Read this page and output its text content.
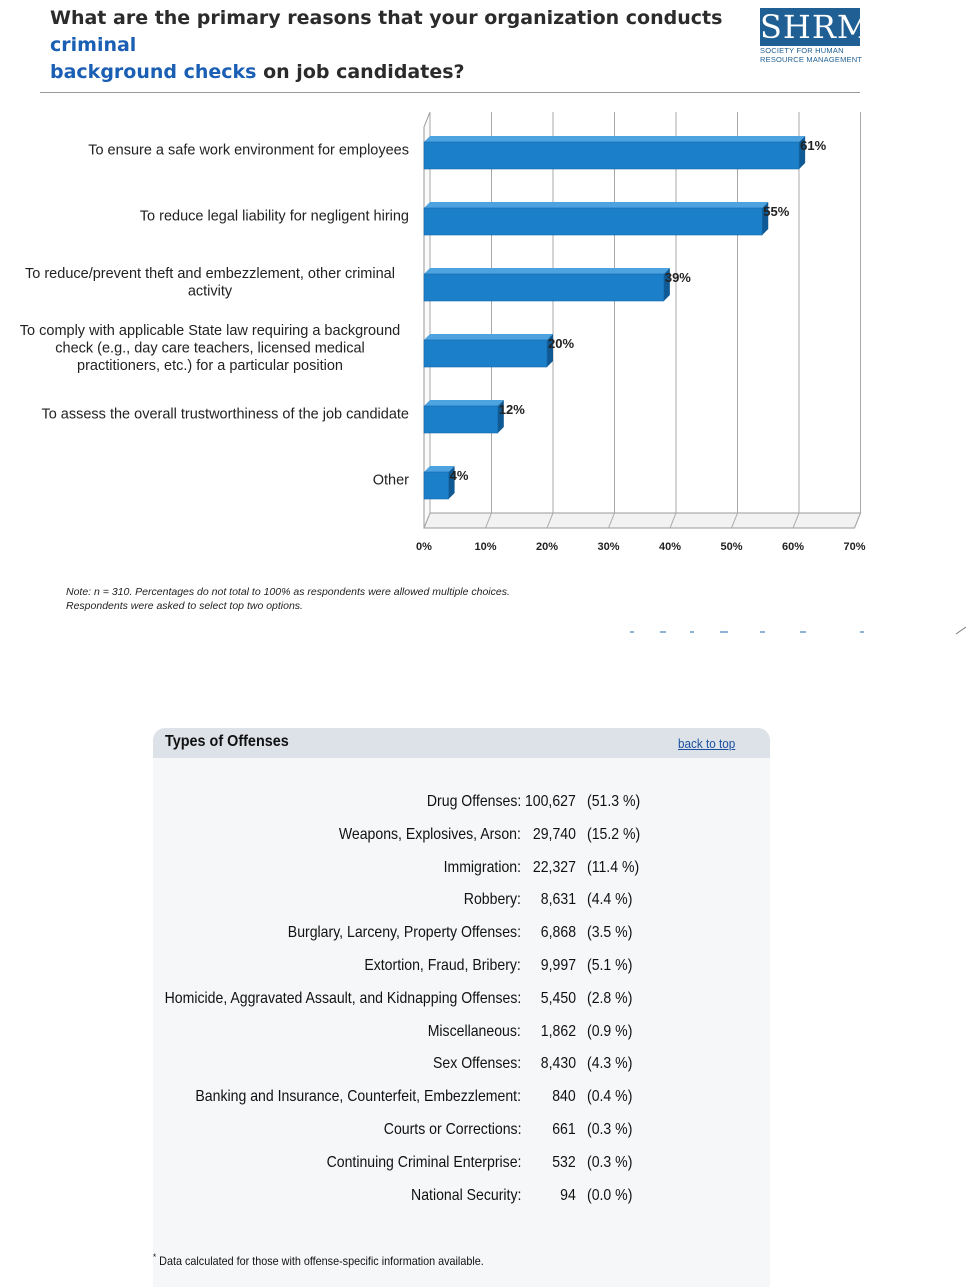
What are the primary reasons that your organization conducts criminal
background checks on job candidates?
SHRM
SOCIETY FOR HUMAN
RESOURCE MANAGEMENT
61%
55%
39%
20%
12%
4%
To ensure a safe work environment for employees
To reduce legal liability for negligent hiring
To reduce/prevent theft and embezzlement, other criminal
activity
To comply with applicable State law requiring a background
check (e.g., day care teachers, licensed medical
practitioners, etc.) for a particular position
To assess the overall trustworthiness of the job candidate
Other
0%	10%	20%	30%	40%	50%	60%	70%
Note: n = 310. Percentages do not total to 100% as respondents were allowed multiple choices.
Respondents were asked to select top two options.
Types of Offenses	back to top
Drug Offenses: 100,627 (51.3 %)
Weapons, Explosives, Arson: 29,740 (15.2 %)
Immigration: 22,327 (11.4 %)
Robbery: 8,631 (4.4 %)
Burglary, Larceny, Property Offenses: 6,868 (3.5 %)
Extortion, Fraud, Bribery: 9,997 (5.1 %)
Homicide, Aggravated Assault, and Kidnapping Offenses: 5,450 (2.8 %)
Miscellaneous: 1,862 (0.9 %)
Sex Offenses: 8,430 (4.3 %)
Banking and Insurance, Counterfeit, Embezzlement: 840 (0.4 %)
Courts or Corrections: 661 (0.3 %)
Continuing Criminal Enterprise: 532 (0.3 %)
National Security: 94 (0.0 %)
* Data calculated for those with offense-specific information available.
